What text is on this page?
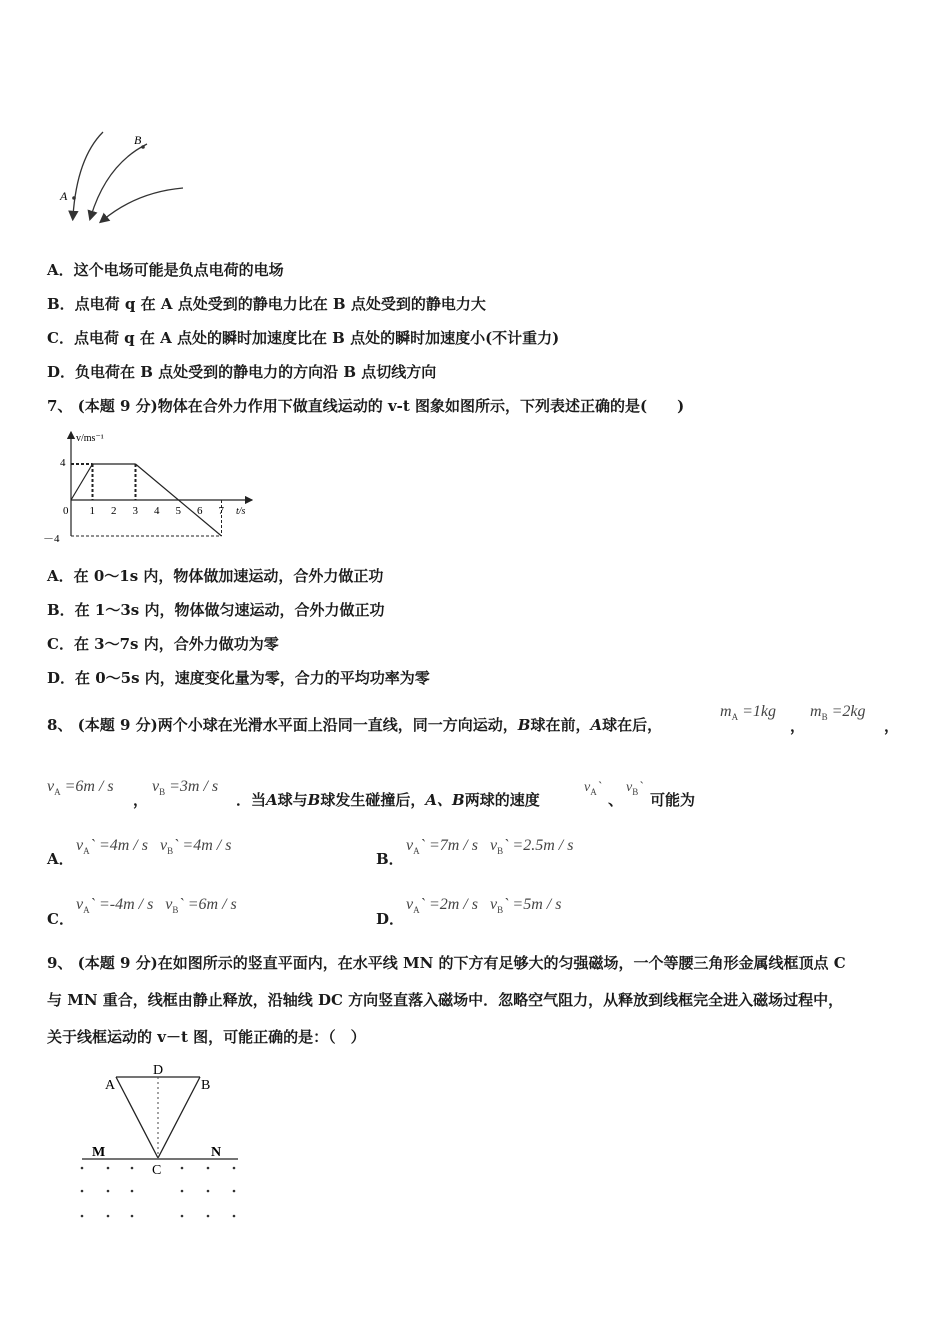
A
B
A．这个电场可能是负点电荷的电场
B．点电荷 q 在 A 点处受到的静电力比在 B 点处受到的静电力大
C．点电荷 q 在 A 点处的瞬时加速度比在 B 点处的瞬时加速度小(不计重力)
D．负电荷在 B 点处受到的静电力的方向沿 B 点切线方向
7、 (本题 9 分)物体在合外力作用下做直线运动的 v-t 图象如图所示，下列表述正确的是(　　)
v/ms⁻¹
t/s
0 1 2 3 4 5 6 7
4
－4
A．在 0～1s 内，物体做加速运动，合外力做正功
B．在 1～3s 内，物体做匀速运动，合外力做正功
C．在 3～7s 内，合外力做功为零
D．在 0～5s 内，速度变化量为零，合力的平均功率为零
8、 (本题 9 分)两个小球在光滑水平面上沿同一直线，同一方向运动，B球在前，A球在后，
$m_A =1kg$
，
$m_B =2kg$
，
$v_A =6m / s$
，
$v_B =3m / s$
．当A球与B球发生碰撞后，A、B两球的速度
$v_A`$
、
$v_B`$
可能为
A．
$v_A` =4m / s$ $v_B` =4m / s$
B．
$v_A` =7m / s$ $v_B` =2.5m / s$
C．
$v_A` =-4m / s$ $v_B` =6m / s$
D．
$v_A` =2m / s$ $v_B` =5m / s$
9、 (本题 9 分)在如图所示的竖直平面内，在水平线 MN 的下方有足够大的匀强磁场，一个等腰三角形金属线框顶点 C
与 MN 重合，线框由静止释放，沿轴线 DC 方向竖直落入磁场中．忽略空气阻力，从释放到线框完全进入磁场过程中，
关于线框运动的 v－t 图，可能正确的是：（　）
A
D
B
M	N
C
